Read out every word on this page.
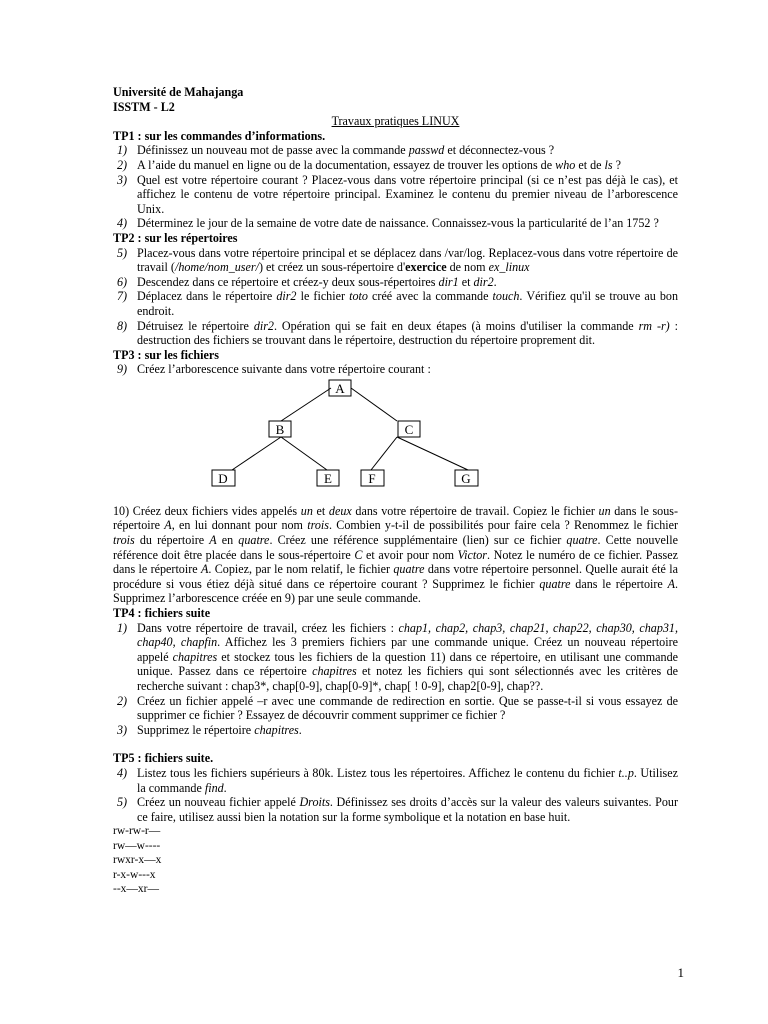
Université de Mahajanga
ISSTM - L2
Travaux pratiques LINUX
TP1 : sur les commandes d’informations.
1) Définissez un nouveau mot de passe avec la commande passwd et déconnectez-vous ?
2) A l’aide du manuel en ligne ou de la documentation, essayez de trouver les options de who et de ls ?
3) Quel est votre répertoire courant ? Placez-vous dans votre répertoire principal (si ce n’est pas déjà le cas), et affichez le contenu de votre répertoire principal. Examinez le contenu du premier niveau de l’arborescence Unix.
4) Déterminez le jour de la semaine de votre date de naissance. Connaissez-vous la particularité de l’an 1752 ?
TP2 : sur les répertoires
5) Placez-vous dans votre répertoire principal et se déplacez dans /var/log. Replacez-vous dans votre répertoire de travail (/home/nom_user/) et créez un sous-répertoire d'exercice de nom ex_linux
6) Descendez dans ce répertoire et créez-y deux sous-répertoires dir1 et dir2.
7) Déplacez dans le répertoire dir2 le fichier toto créé avec la commande touch. Vérifiez qu'il se trouve au bon endroit.
8) Détruisez le répertoire dir2. Opération qui se fait en deux étapes (à moins d'utiliser la commande rm -r) : destruction des fichiers se trouvant dans le répertoire, destruction du répertoire proprement dit.
TP3 : sur les fichiers
9) Créez l’arborescence suivante dans votre répertoire courant :
A
B	C
D	E	F	G
10) Créez deux fichiers vides appelés un et deux dans votre répertoire de travail. Copiez le fichier un dans le sous-répertoire A, en lui donnant pour nom trois. Combien y-t-il de possibilités pour faire cela ? Renommez le fichier trois du répertoire A en quatre. Créez une référence supplémentaire (lien) sur ce fichier quatre. Cette nouvelle référence doit être placée dans le sous-répertoire C et avoir pour nom Victor. Notez le numéro de ce fichier. Passez dans le répertoire A. Copiez, par le nom relatif, le fichier quatre dans votre répertoire personnel. Quelle aurait été la procédure si vous étiez déjà situé dans ce répertoire courant ? Supprimez le fichier quatre dans le répertoire A. Supprimez l’arborescence créée en 9) par une seule commande.
TP4 : fichiers suite
1) Dans votre répertoire de travail, créez les fichiers : chap1, chap2, chap3, chap21, chap22, chap30, chap31, chap40, chapfin. Affichez les 3 premiers fichiers par une commande unique. Créez un nouveau répertoire appelé chapitres et stockez tous les fichiers de la question 11) dans ce répertoire, en utilisant une commande unique. Passez dans ce répertoire chapitres et notez les fichiers qui sont sélectionnés avec les critères de recherche suivant : chap3*, chap[0-9], chap[0-9]*, chap[ ! 0-9], chap2[0-9], chap??.
2) Créez un fichier appelé –r avec une commande de redirection en sortie. Que se passe-t-il si vous essayez de supprimer ce fichier ? Essayez de découvrir comment supprimer ce fichier ?
3) Supprimez le répertoire chapitres.
TP5 : fichiers suite.
4) Listez tous les fichiers supérieurs à 80k. Listez tous les répertoires. Affichez le contenu du fichier t..p. Utilisez la commande find.
5) Créez un nouveau fichier appelé Droits. Définissez ses droits d’accès sur la valeur des valeurs suivantes. Pour ce faire, utilisez aussi bien la notation sur la forme symbolique et la notation en base huit.
rw-rw-r—
rw—w----
rwxr-x—x
r-x-w---x
--x—xr—
1
